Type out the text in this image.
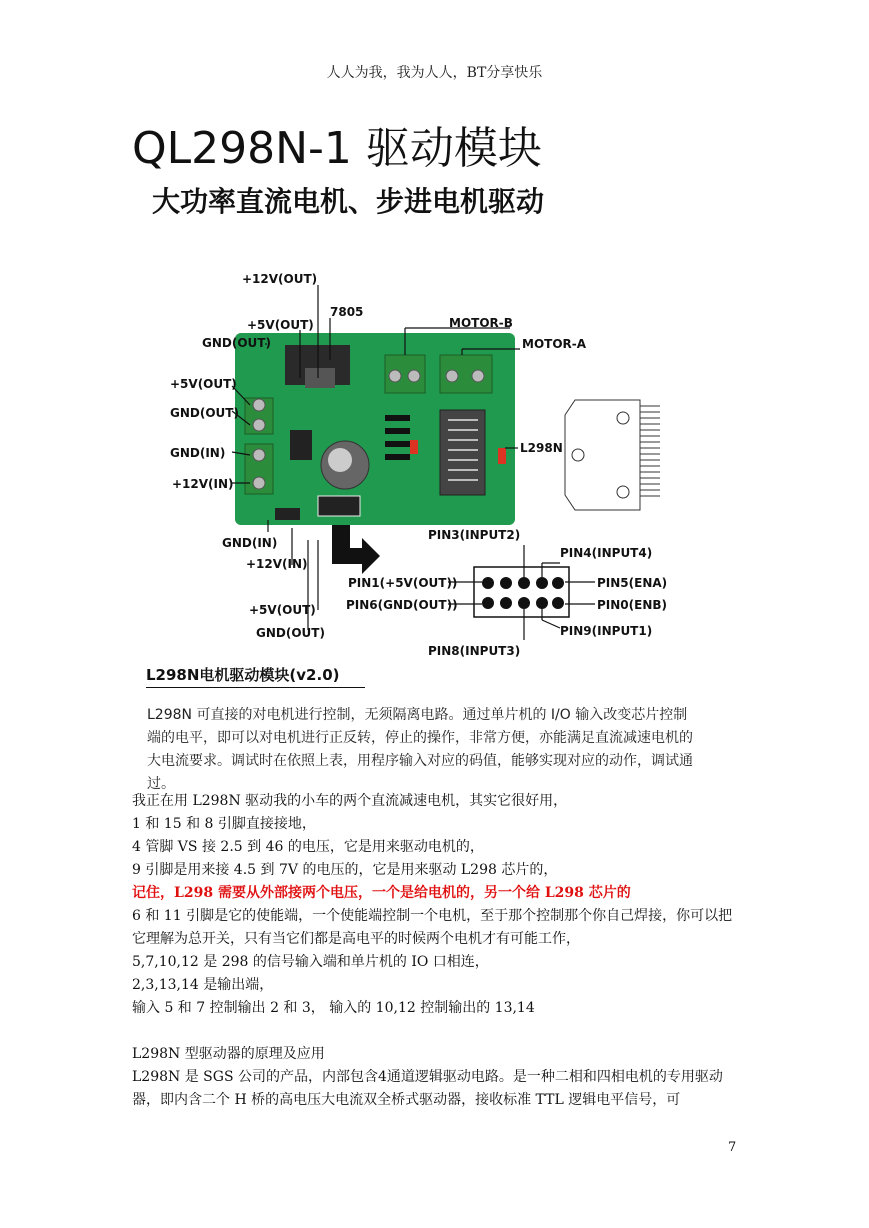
人人为我，我为人人，BT分享快乐
QL298N-1 驱动模块
大功率直流电机、步进电机驱动
+12V(OUT)
+5V(OUT)
7805
MOTOR-B
MOTOR-A
GND(OUT)
+5V(OUT)
GND(OUT)
GND(IN)
+12V(IN)
L298N
GND(IN)
+12V(IN)
+5V(OUT)
GND(OUT)
PIN3(INPUT2)
PIN4(INPUT4)
PIN1(+5V(OUT))	PIN5(ENA)
PIN6(GND(OUT))	PIN0(ENB)
PIN9(INPUT1)
PIN8(INPUT3)
L298N电机驱动模块(v2.0)
L298N 可直接的对电机进行控制，无须隔离电路。通过单片机的 I/O 输入改变芯片控制端的电平，即可以对电机进行正反转，停止的操作，非常方便，亦能满足直流减速电机的大电流要求。调试时在依照上表，用程序输入对应的码值，能够实现对应的动作，调试通过。

我正在用 L298N 驱动我的小车的两个直流减速电机，其实它很好用，

1 和 15 和 8 引脚直接接地，

4 管脚 VS 接 2.5 到 46 的电压，它是用来驱动电机的，

9 引脚是用来接 4.5 到 7V 的电压的，它是用来驱动 L298 芯片的，

记住，L298 需要从外部接两个电压，一个是给电机的，另一个给 L298 芯片的

6 和 11 引脚是它的使能端，一个使能端控制一个电机，至于那个控制那个你自己焊接，你可以把它理解为总开关，只有当它们都是高电平的时候两个电机才有可能工作，

5,7,10,12 是 298 的信号输入端和单片机的 IO 口相连，

2,3,13,14 是输出端，

输入 5 和 7 控制输出 2 和 3， 输入的 10,12 控制输出的 13,14

L298N 型驱动器的原理及应用

L298N 是 SGS 公司的产品，内部包含4通道逻辑驱动电路。是一种二相和四相电机的专用驱动器，即内含二个 H 桥的高电压大电流双全桥式驱动器，接收标准 TTL 逻辑电平信号，可

7
